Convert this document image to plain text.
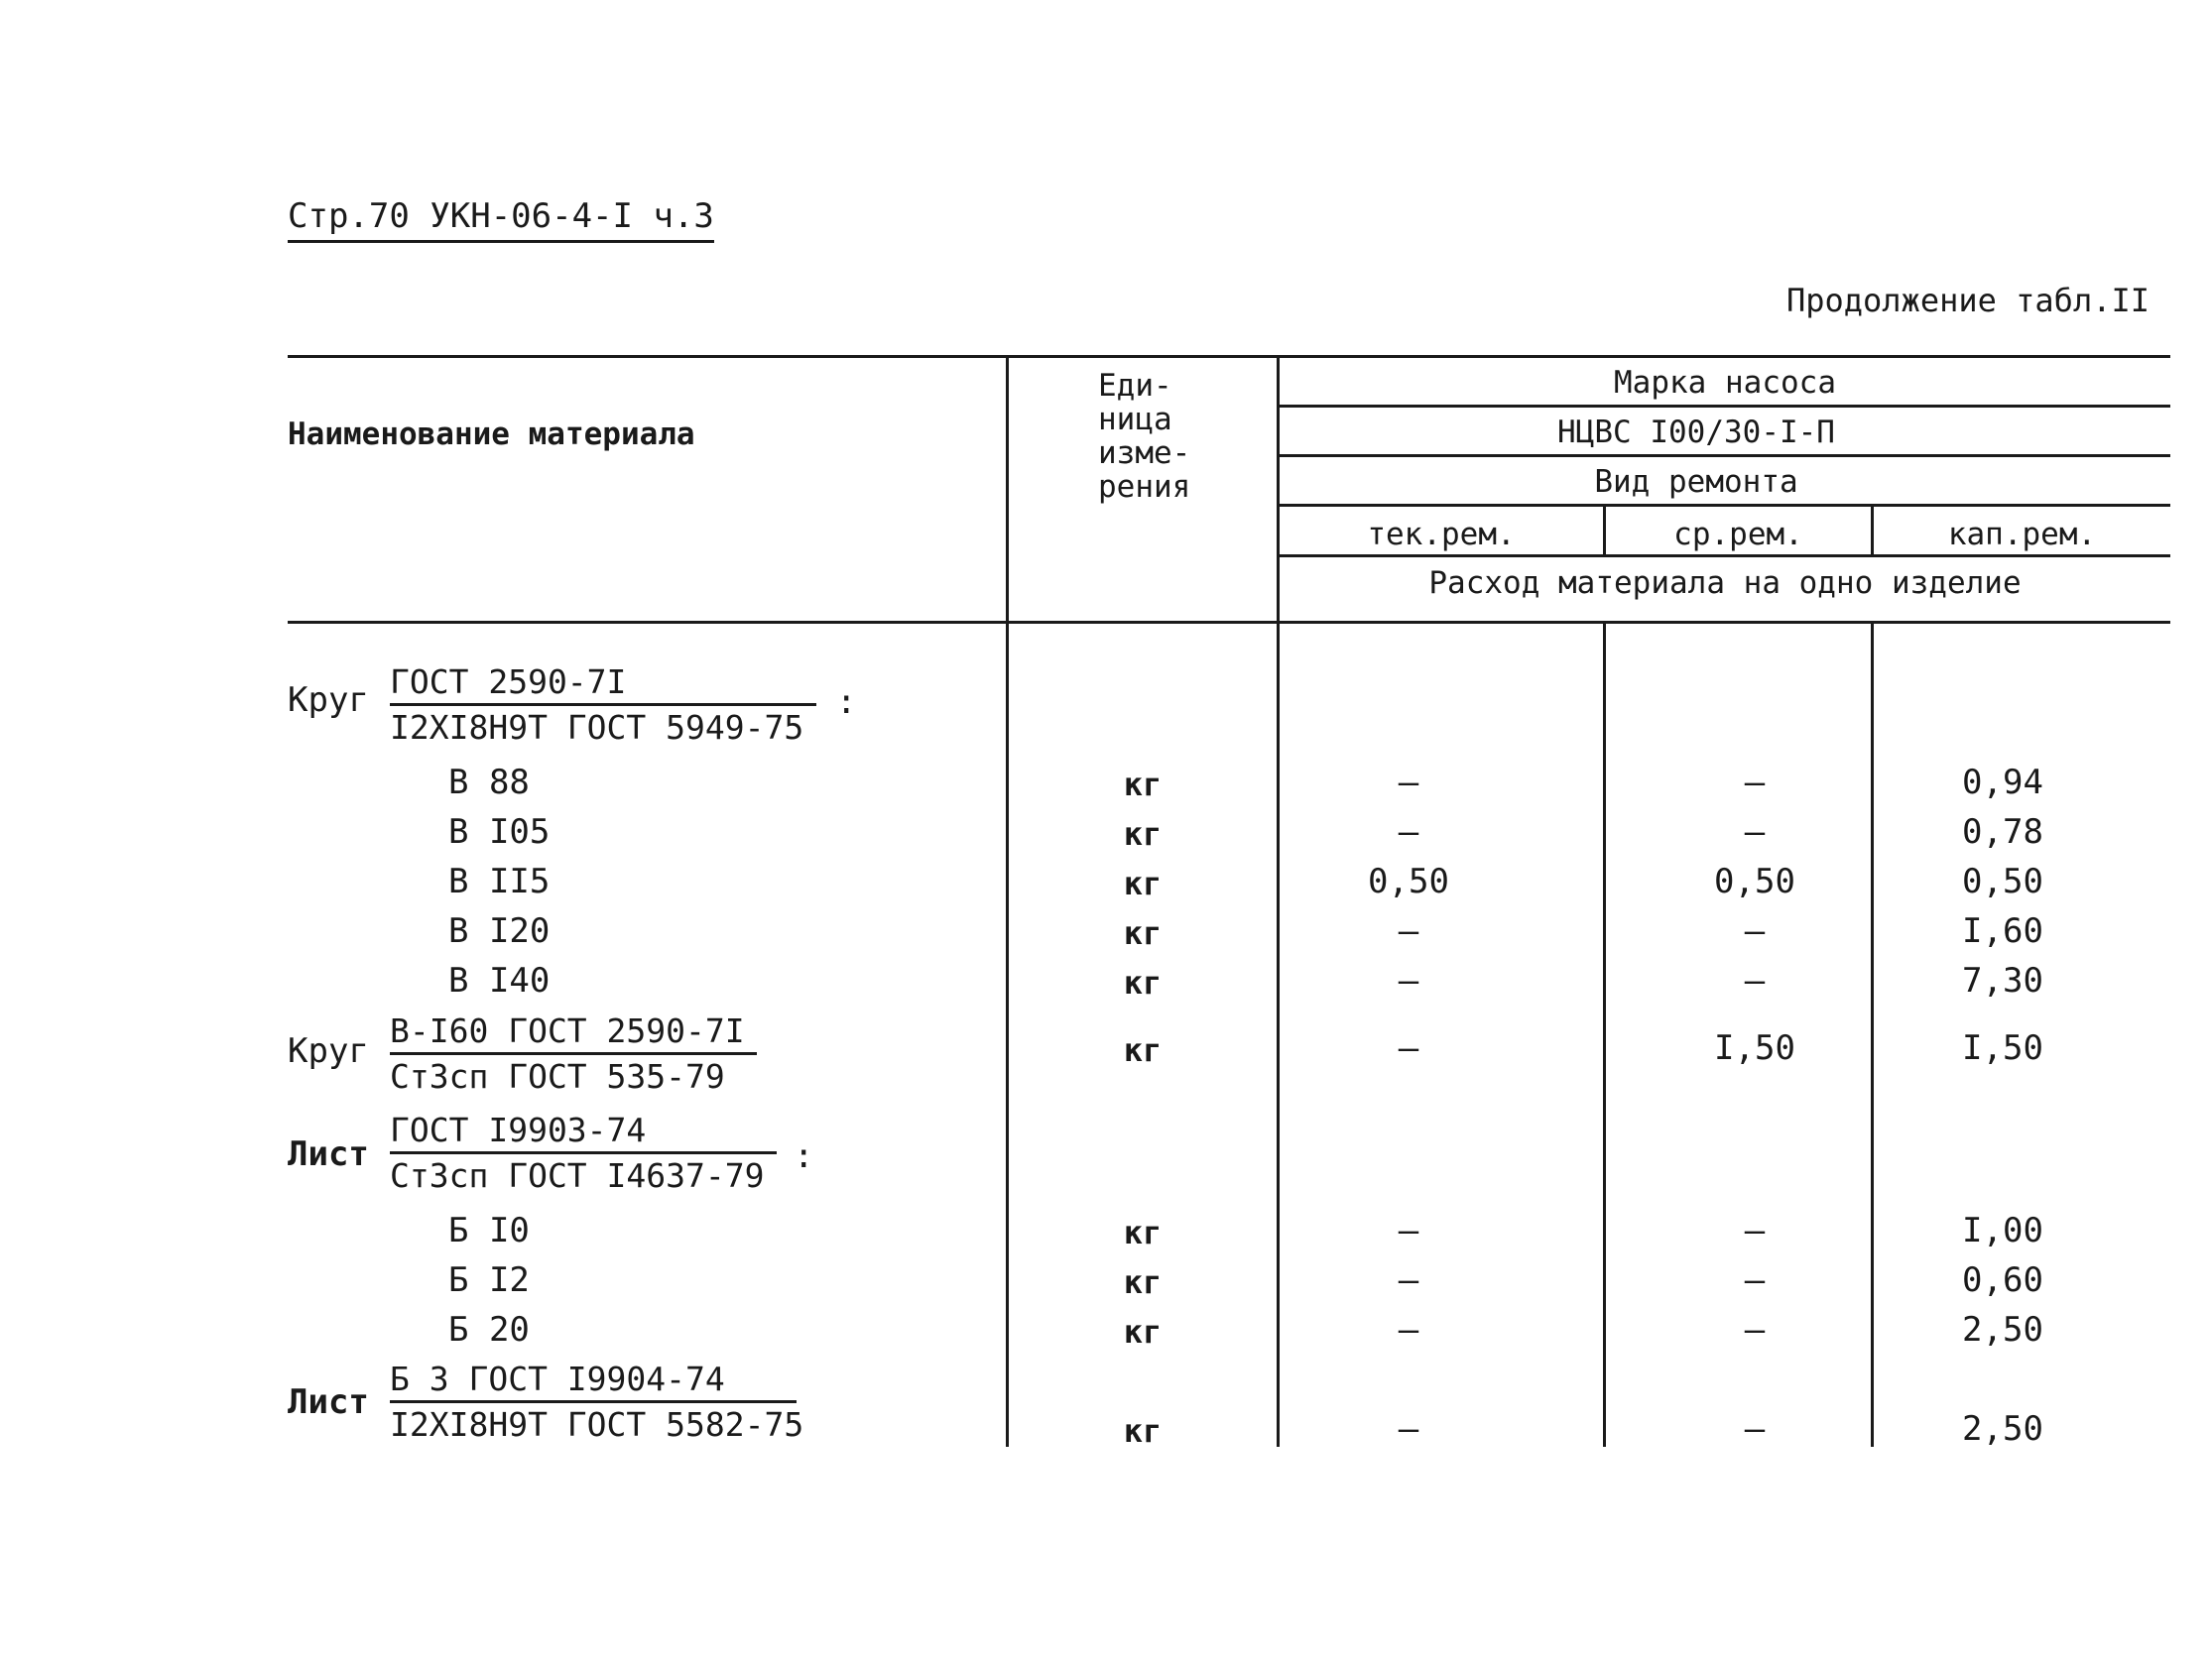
Стр.70 УКН-06-4-I ч.3
Продолжение табл.II
Наименование материала
Еди-
ница
изме-
рения
Марка насоса
НЦВС I00/30-I-П
Вид ремонта
тек.рем.	ср.рем.	кап.рем.
Расход материала на одно изделие
Круг ГОСТ 2590-7I
I2XI8H9T ГОСТ 5949-75
:
В 88	кг	–	–	0,94
В I05	кг	–	–	0,78
В II5	кг	0,50	0,50	0,50
В I20	кг	–	–	I,60
В I40	кг	–	–	7,30
Круг
В-I60 ГОСТ 2590-7I
Ст3сп ГОСТ 535-79
кг	–	I,50	I,50
Лист
ГОСТ I9903-74
Ст3сп ГОСТ I4637-79 :
Б I0	кг	–	–	I,00
Б I2	кг	–	–	0,60
Б 20	кг	–	–	2,50
Лист
Б 3 ГОСТ I9904-74
I2XI8H9T ГОСТ 5582-75	кг	–	–	2,50
